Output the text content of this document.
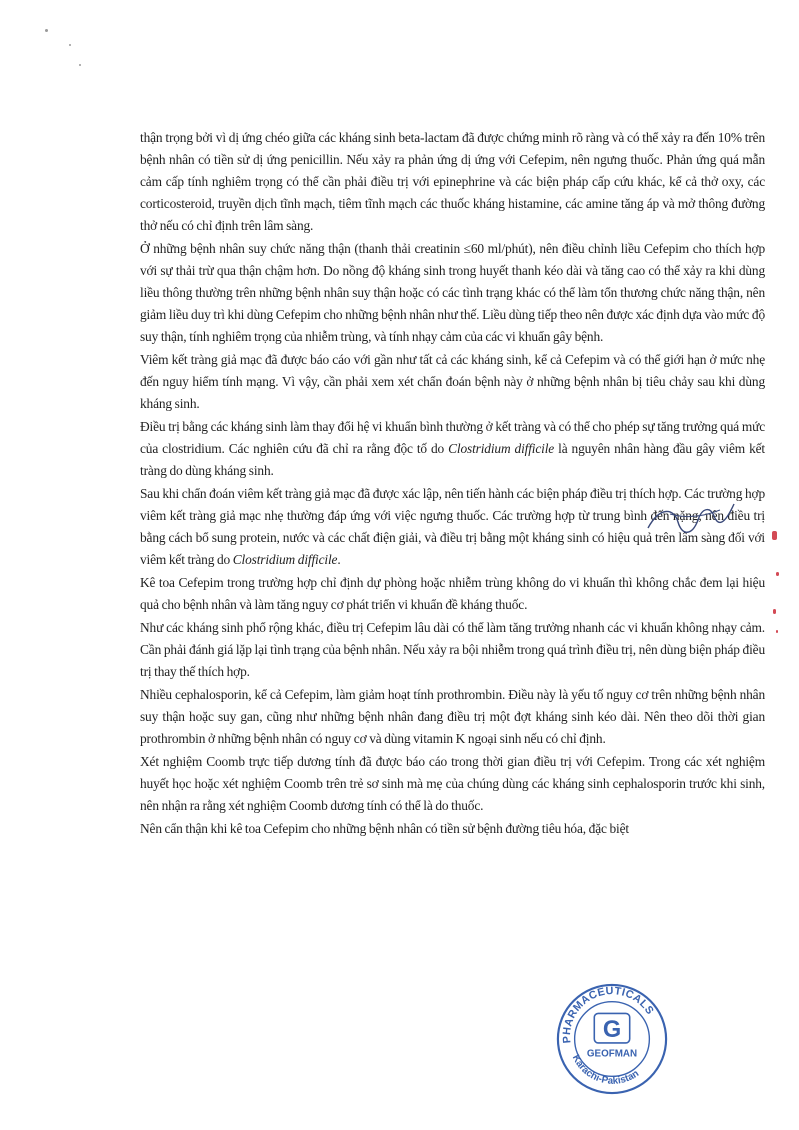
thận trọng bởi vì dị ứng chéo giữa các kháng sinh beta-lactam đã được chứng minh rõ ràng và có thể xảy ra đến 10% trên bệnh nhân có tiền sử dị ứng penicillin. Nếu xảy ra phản ứng dị ứng với Cefepim, nên ngưng thuốc. Phản ứng quá mẫn cảm cấp tính nghiêm trọng có thể cần phải điều trị với epinephrine và các biện pháp cấp cứu khác, kể cả thở oxy, các corticosteroid, truyền dịch tĩnh mạch, tiêm tĩnh mạch các thuốc kháng histamine, các amine tăng áp và mở thông đường thở nếu có chỉ định trên lâm sàng.

Ở những bệnh nhân suy chức năng thận (thanh thải creatinin ≤60 ml/phút), nên điều chỉnh liều Cefepim cho thích hợp với sự thải trừ qua thận chậm hơn. Do nồng độ kháng sinh trong huyết thanh kéo dài và tăng cao có thể xảy ra khi dùng liều thông thường trên những bệnh nhân suy thận hoặc có các tình trạng khác có thể làm tổn thương chức năng thận, nên giảm liều duy trì khi dùng Cefepim cho những bệnh nhân như thế. Liều dùng tiếp theo nên được xác định dựa vào mức độ suy thận, tính nghiêm trọng của nhiễm trùng, và tính nhạy cảm của các vi khuẩn gây bệnh.

Viêm kết tràng giả mạc đã được báo cáo với gần như tất cả các kháng sinh, kể cả Cefepim và có thể giới hạn ở mức nhẹ đến nguy hiểm tính mạng. Vì vậy, cần phải xem xét chẩn đoán bệnh này ở những bệnh nhân bị tiêu chảy sau khi dùng kháng sinh.

Điều trị bằng các kháng sinh làm thay đổi hệ vi khuẩn bình thường ở kết tràng và có thể cho phép sự tăng trưởng quá mức của clostridium. Các nghiên cứu đã chỉ ra rằng độc tố do Clostridium difficile là nguyên nhân hàng đầu gây viêm kết tràng do dùng kháng sinh.

Sau khi chẩn đoán viêm kết tràng giả mạc đã được xác lập, nên tiến hành các biện pháp điều trị thích hợp. Các trường hợp viêm kết tràng giả mạc nhẹ thường đáp ứng với việc ngưng thuốc. Các trường hợp từ trung bình đến nặng, nên điều trị bằng cách bổ sung protein, nước và các chất điện giải, và điều trị bằng một kháng sinh có hiệu quả trên lâm sàng đối với viêm kết tràng do Clostridium difficile.

Kê toa Cefepim trong trường hợp chỉ định dự phòng hoặc nhiễm trùng không do vi khuẩn thì không chắc đem lại hiệu quả cho bệnh nhân và làm tăng nguy cơ phát triển vi khuẩn đề kháng thuốc.

Như các kháng sinh phổ rộng khác, điều trị Cefepim lâu dài có thể làm tăng trưởng nhanh các vi khuẩn không nhạy cảm. Cần phải đánh giá lặp lại tình trạng của bệnh nhân. Nếu xảy ra bội nhiễm trong quá trình điều trị, nên dùng biện pháp điều trị thay thế thích hợp.

Nhiều cephalosporin, kể cả Cefepim, làm giảm hoạt tính prothrombin. Điều này là yếu tố nguy cơ trên những bệnh nhân suy thận hoặc suy gan, cũng như những bệnh nhân đang điều trị một đợt kháng sinh kéo dài. Nên theo dõi thời gian prothrombin ở những bệnh nhân có nguy cơ và dùng vitamin K ngoại sinh nếu có chỉ định.

Xét nghiệm Coomb trực tiếp dương tính đã được báo cáo trong thời gian điều trị với Cefepim. Trong các xét nghiệm huyết học hoặc xét nghiệm Coomb trên trẻ sơ sinh mà mẹ của chúng dùng các kháng sinh cephalosporin trước khi sinh, nên nhận ra rằng xét nghiệm Coomb dương tính có thể là do thuốc.

Nên cẩn thận khi kê toa Cefepim cho những bệnh nhân có tiền sử bệnh đường tiêu hóa, đặc biệt

PHARMACEUTICALS
Karachi-Pakistan
G
GEOFMAN
